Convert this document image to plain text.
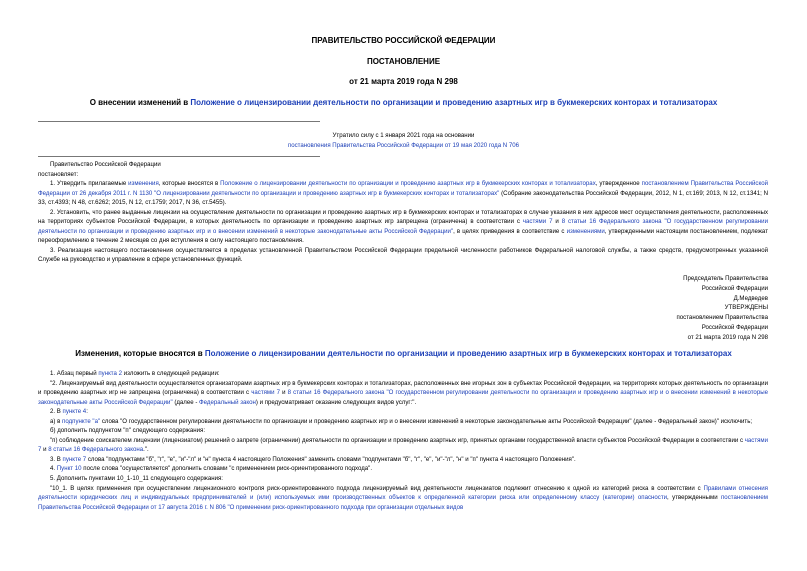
ПРАВИТЕЛЬСТВО РОССИЙСКОЙ ФЕДЕРАЦИИ
ПОСТАНОВЛЕНИЕ
от 21 марта 2019 года N 298
О внесении изменений в Положение о лицензировании деятельности по организации и проведению азартных игр в букмекерских конторах и тотализаторах
Утратило силу с 1 января 2021 года на основании
постановления Правительства Российской Федерации от 19 мая 2020 года N 706

Правительство Российской Федерации

постановляет:

1. Утвердить прилагаемые изменения, которые вносятся в Положение о лицензировании деятельности по организации и проведению азартных игр в букмекерских конторах и тотализаторах, утвержденное постановлением Правительства Российской Федерации от 26 декабря 2011 г. N 1130 "О лицензировании деятельности по организации и проведению азартных игр в букмекерских конторах и тотализаторах" (Собрание законодательства Российской Федерации, 2012, N 1, ст.169; 2013, N 12, ст.1341; N 33, ст.4393; N 48, ст.6262; 2015, N 12, ст.1759; 2017, N 36, ст.5455).

2. Установить, что ранее выданные лицензии на осуществление деятельности по организации и проведению азартных игр в букмекерских конторах и тотализаторах в случае указания в них адресов мест осуществления деятельности, расположенных на территориях субъектов Российской Федерации, в которых деятельность по организации и проведению азартных игр запрещена (ограничена) в соответствии с частями 7 и 8 статьи 16 Федерального закона "О государственном регулировании деятельности по организации и проведению азартных игр и о внесении изменений в некоторые законодательные акты Российской Федерации", в целях приведения в соответствие с изменениями, утвержденными настоящим постановлением, подлежат переоформлению в течение 2 месяцев со дня вступления в силу настоящего постановления.

3. Реализация настоящего постановления осуществляется в пределах установленной Правительством Российской Федерации предельной численности работников Федеральной налоговой службы, а также средств, предусмотренных указанной Службе на руководство и управление в сфере установленных функций.

Председатель Правительства
Российской Федерации
Д.Медведев
УТВЕРЖДЕНЫ
постановлением Правительства
Российской Федерации
от 21 марта 2019 года N 298
Изменения, которые вносятся в Положение о лицензировании деятельности по организации и проведению азартных игр в букмекерских конторах и тотализаторах

1. Абзац первый пункта 2 изложить в следующей редакции:

"2. Лицензируемый вид деятельности осуществляется организаторами азартных игр в букмекерских конторах и тотализаторах, расположенных вне игорных зон в субъектах Российской Федерации, на территориях которых деятельность по организации и проведению азартных игр не запрещена (ограничена) в соответствии с частями 7 и 8 статьи 16 Федерального закона "О государственном регулировании деятельности по организации и проведению азартных игр и о внесении изменений в некоторые законодательные акты Российской Федерации" (далее - Федеральный закон) и предусматривает оказание следующих видов услуг:".

2. В пункте 4:

а) в подпункте "а" слова "О государственном регулировании деятельности по организации и проведению азартных игр и о внесении изменений в некоторые законодательные акты Российской Федерации" (далее - Федеральный закон)" исключить;

б) дополнить подпунктом "п" следующего содержания:

"п) соблюдение соискателем лицензии (лицензиатом) решений о запрете (ограничении) деятельности по организации и проведению азартных игр, принятых органами государственной власти субъектов Российской Федерации в соответствии с частями 7 и 8 статьи 16 Федерального закона.".

3. В пункте 7 слова "подпунктами "б", "г", "е", "и"-"л" и "н" пункта 4 настоящего Положения" заменить словами "подпунктами "б", "г", "е", "и"-"л", "н" и "п" пункта 4 настоящего Положения".

4. Пункт 10 после слова "осуществляется" дополнить словами "с применением риск-ориентированного подхода".

5. Дополнить пунктами 10_1-10_11 следующего содержания:

"10_1. В целях применения при осуществлении лицензионного контроля риск-ориентированного подхода лицензируемый вид деятельности лицензиатов подлежит отнесению к одной из категорий риска в соответствии с Правилами отнесения деятельности юридических лиц и индивидуальных предпринимателей и (или) используемых ими производственных объектов к определенной категории риска или определенному классу (категории) опасности, утвержденными постановлением Правительства Российской Федерации от 17 августа 2016 г. N 806 "О применении риск-ориентированного подхода при организации отдельных видов
